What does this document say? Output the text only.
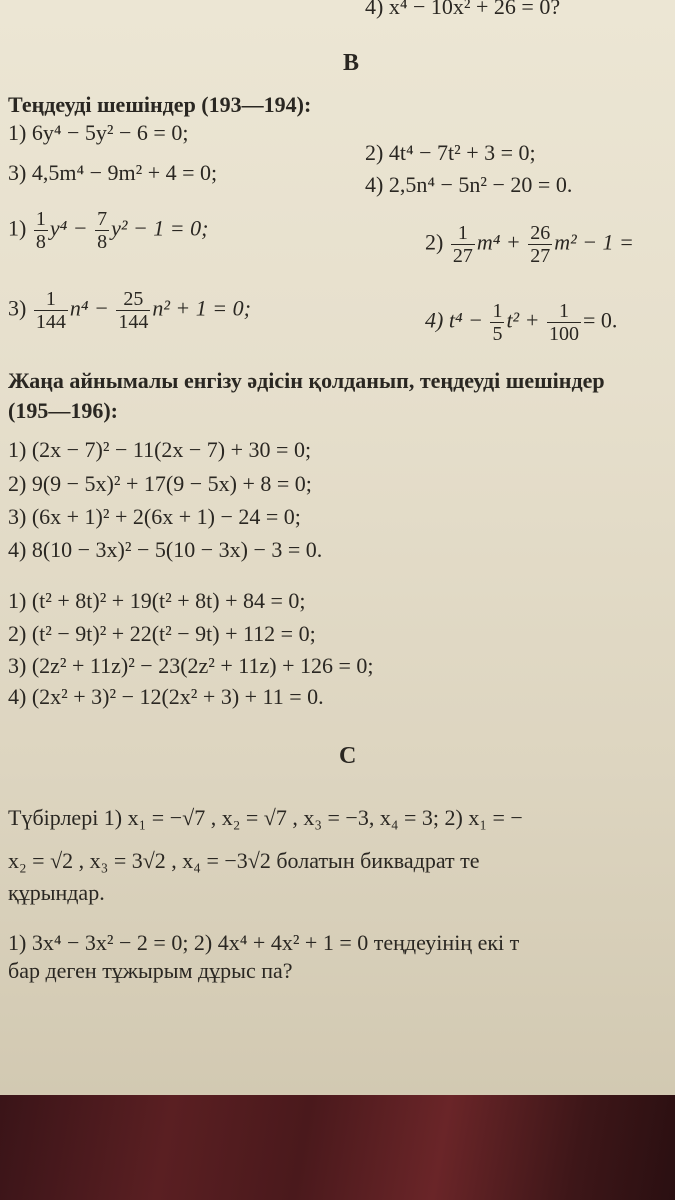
4) x⁴ − 10x² + 26 = 0?
B
Теңдеуді шешіндер (193—194):
1) 6y⁴ − 5y² − 6 = 0;
2) 4t⁴ − 7t² + 3 = 0;
3) 4,5m⁴ − 9m² + 4 = 0;	4) 2,5n⁴ − 5n² − 20 = 0.
$1) \frac{1}{8} y^4 - \frac{7}{8} y^2 - 1 = 0$;
$2) \frac{1}{27} m^4 + \frac{26}{27} m^2 - 1$ =
$3) \frac{1}{144} n^4 - \frac{25}{144} n^2 + 1 = 0$;	4) $t^4 - \frac{1}{5} t^2 + \frac{1}{100} = 0$.
Жаңа айнымалы енгізу әдісін қолданып, теңдеуді шешіндер
(195—196):
1) (2x − 7)² − 11(2x − 7) + 30 = 0;
2) 9(9 − 5x)² + 17(9 − 5x) + 8 = 0;
3) (6x + 1)² + 2(6x + 1) − 24 = 0;
4) 8(10 − 3x)² − 5(10 − 3x) − 3 = 0.
1) (t² + 8t)² + 19(t² + 8t) + 84 = 0;
2) (t² − 9t)² + 22(t² − 9t) + 112 = 0;
3) (2z² + 11z)² − 23(2z² + 11z) + 126 = 0;
4) (2x² + 3)² − 12(2x² + 3) + 11 = 0.
C
Түбірлері 1) x₁ = −√7 , x₂ = √7 , x₃ = −3, x₄ = 3; 2) x₁ = −
x₂ = √2 , x₃ = 3√2 , x₄ = −3√2 болатын биквадрат те
құрындар.
1) 3x⁴ − 3x² − 2 = 0; 2) 4x⁴ + 4x² + 1 = 0 теңдеуінің екі т
бар деген тұжырым дұрыс па?
